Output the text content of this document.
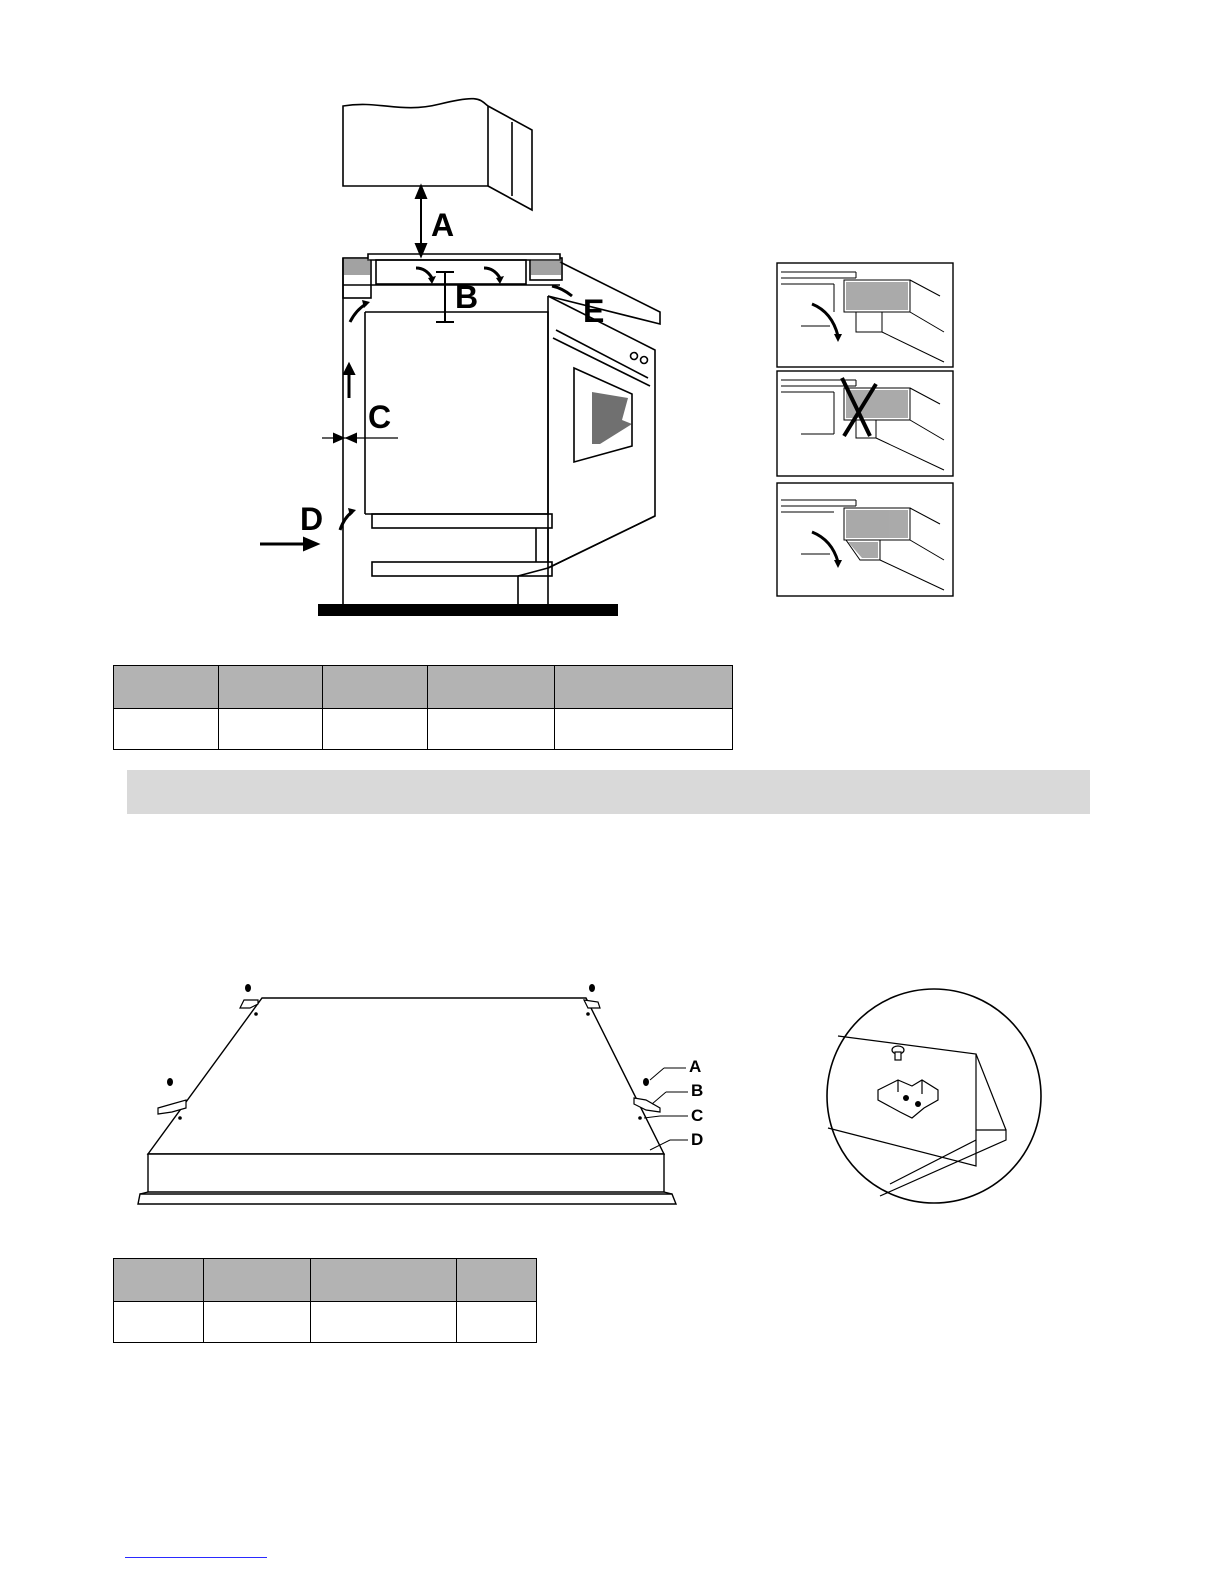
A
B
C
D
E

A
B
C
D
